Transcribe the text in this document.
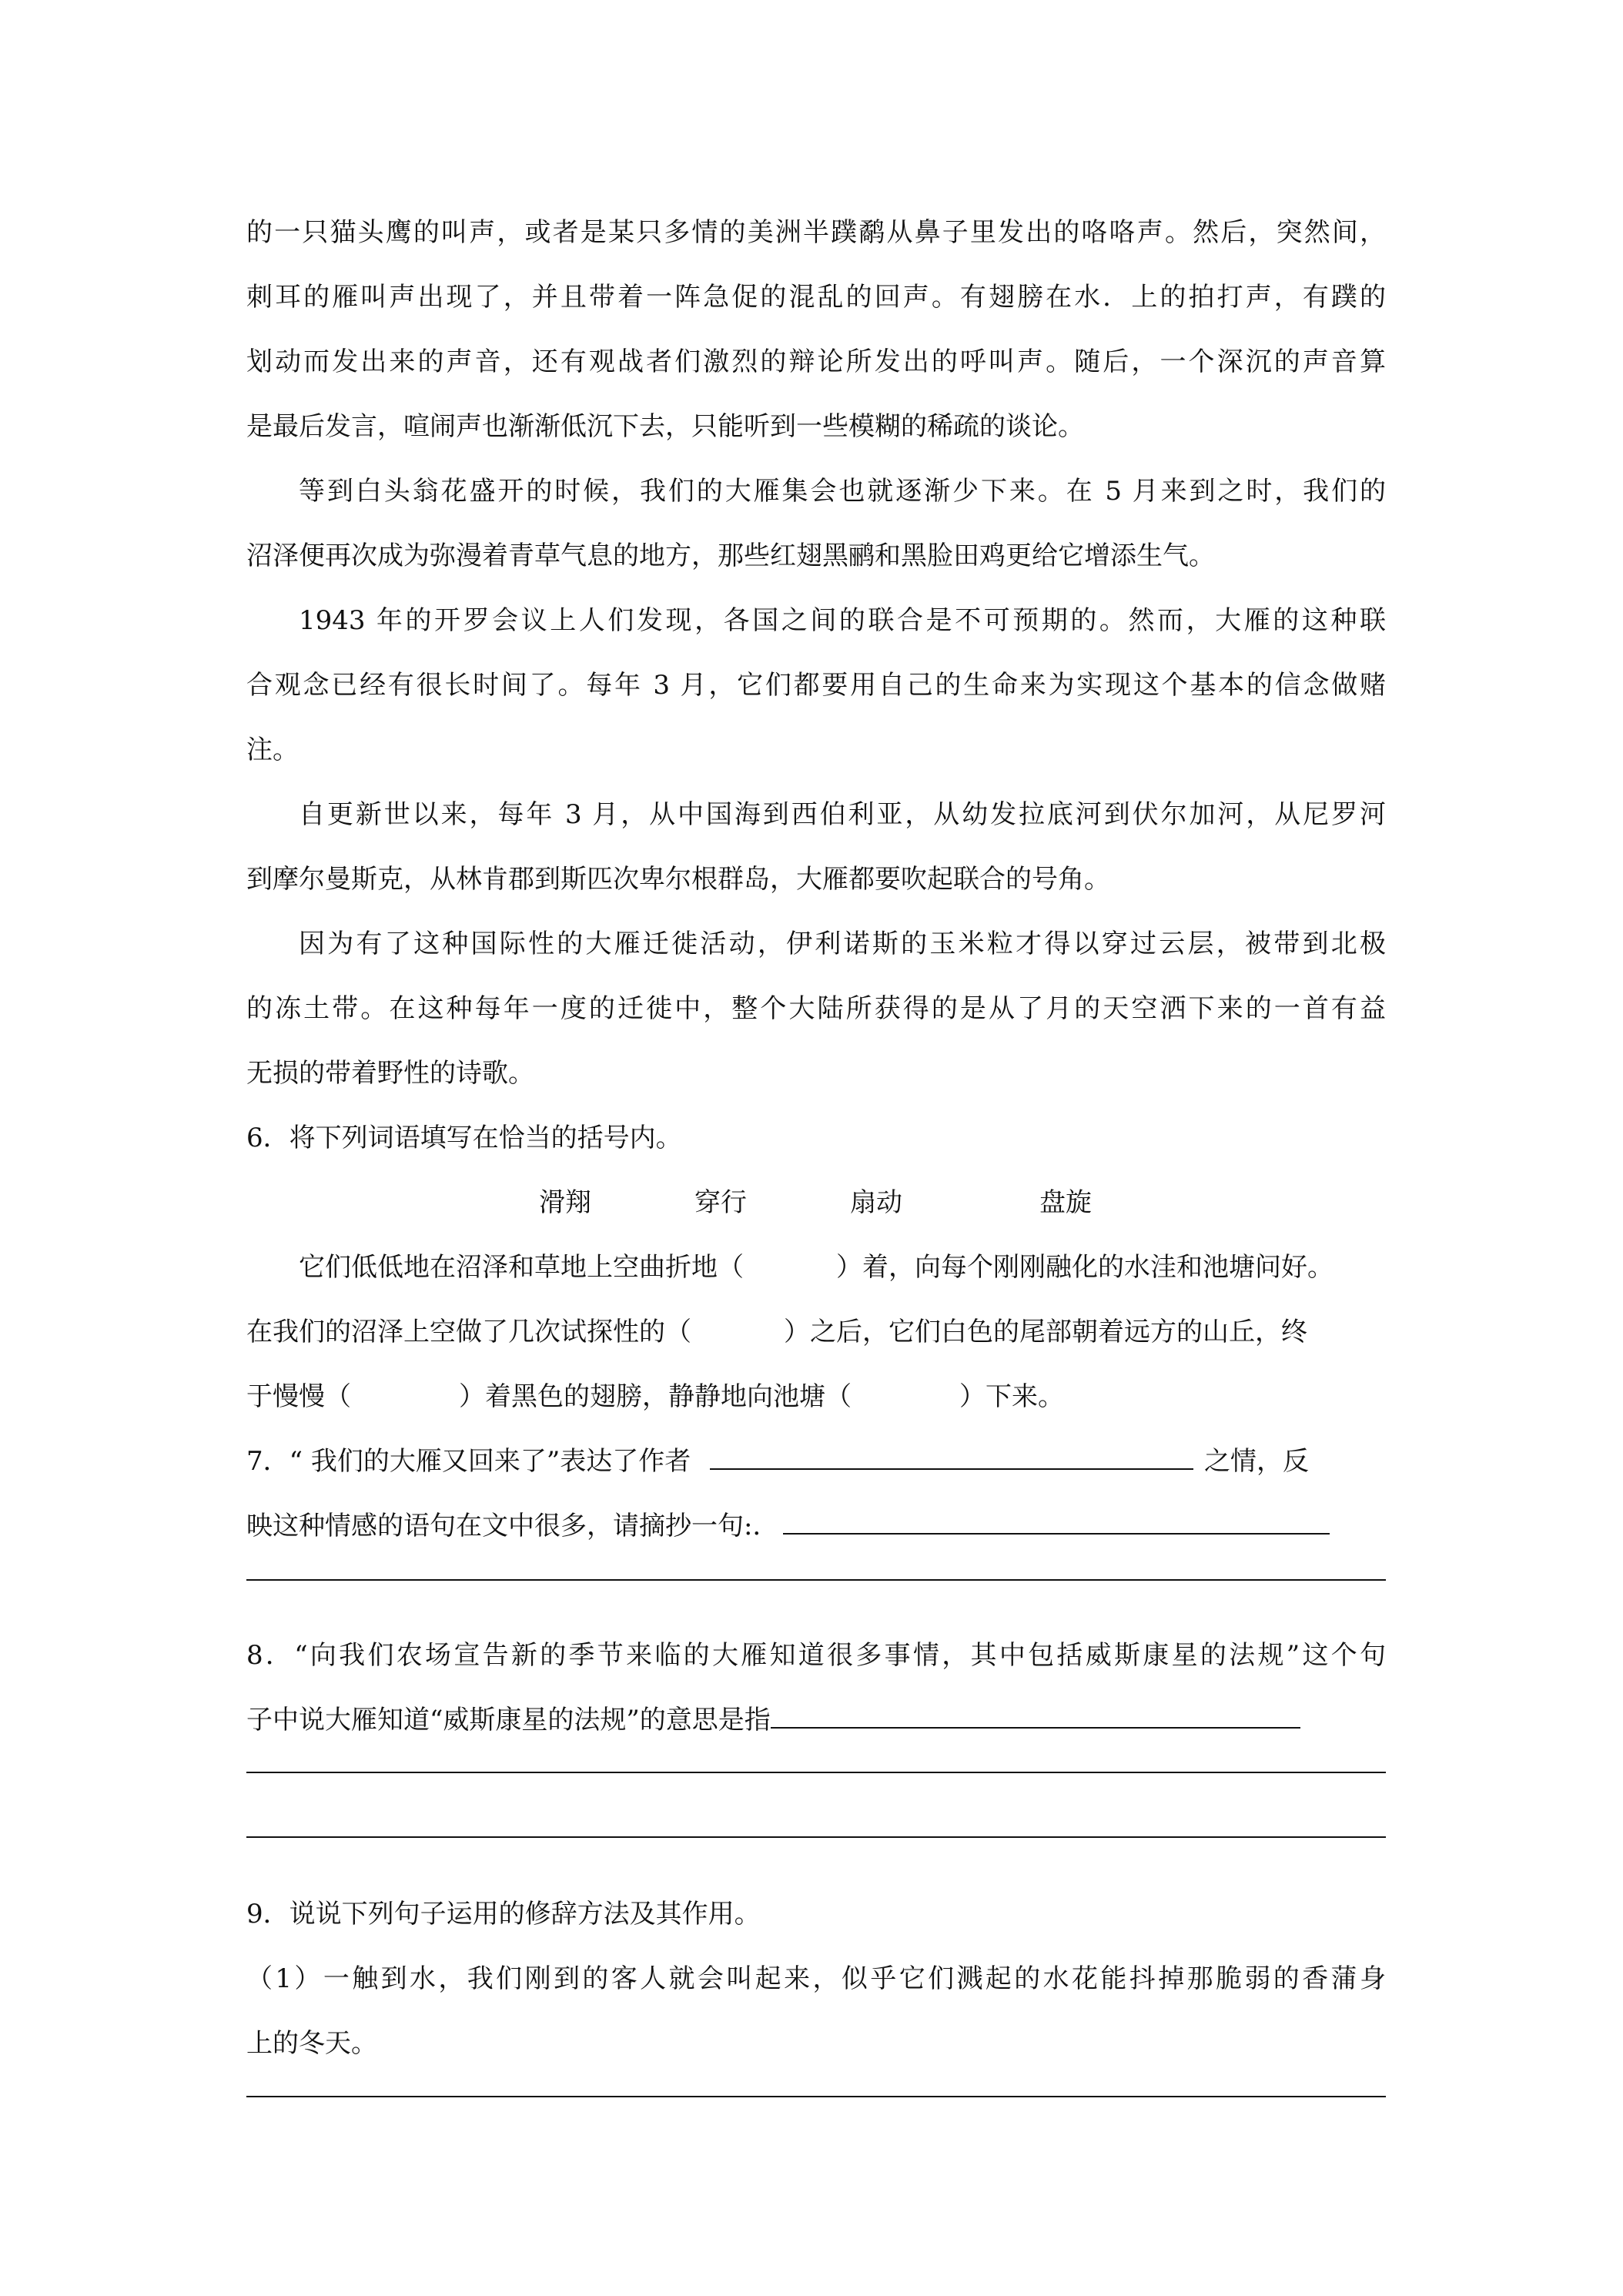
的一只猫头鹰的叫声，或者是某只多情的美洲半蹼鹬从鼻子里发出的咯咯声。然后，突然间，

刺耳的雁叫声出现了，并且带着一阵急促的混乱的回声。有翅膀在水．上的拍打声，有蹼的

划动而发出来的声音，还有观战者们激烈的辩论所发出的呼叫声。随后，一个深沉的声音算

是最后发言，喧闹声也渐渐低沉下去，只能听到一些模糊的稀疏的谈论。

等到白头翁花盛开的时候，我们的大雁集会也就逐渐少下来。在 5 月来到之时，我们的

沼泽便再次成为弥漫着青草气息的地方，那些红翅黑鹂和黑脸田鸡更给它增添生气。

1943 年的开罗会议上人们发现，各国之间的联合是不可预期的。然而，大雁的这种联

合观念已经有很长时间了。每年 3 月，它们都要用自己的生命来为实现这个基本的信念做赌

注。

自更新世以来，每年 3 月，从中国海到西伯利亚，从幼发拉底河到伏尔加河，从尼罗河

到摩尔曼斯克，从林肯郡到斯匹次卑尔根群岛，大雁都要吹起联合的号角。

因为有了这种国际性的大雁迁徙活动，伊利诺斯的玉米粒才得以穿过云层，被带到北极

的冻土带。在这种每年一度的迁徙中，整个大陆所获得的是从了月的天空洒下来的一首有益

无损的带着野性的诗歌。

6．将下列词语填写在恰当的括号内。

滑翔	穿行	扇动	盘旋

它们低低地在沼泽和草地上空曲折地（	）着，向每个刚刚融化的水洼和池塘问好。

在我们的沼泽上空做了几次试探性的（	）之后，它们白色的尾部朝着远方的山丘，终

于慢慢（	）着黑色的翅膀，静静地向池塘（	）下来。

7．“ 我们的大雁又回来了”表达了作者	之情，反

映这种情感的语句在文中很多，请摘抄一句:．

8．“向我们农场宣告新的季节来临的大雁知道很多事情，其中包括威斯康星的法规”这个句

子中说大雁知道“威斯康星的法规”的意思是指

9．说说下列句子运用的修辞方法及其作用。

（1）一触到水，我们刚到的客人就会叫起来，似乎它们溅起的水花能抖掉那脆弱的香蒲身

上的冬天。
